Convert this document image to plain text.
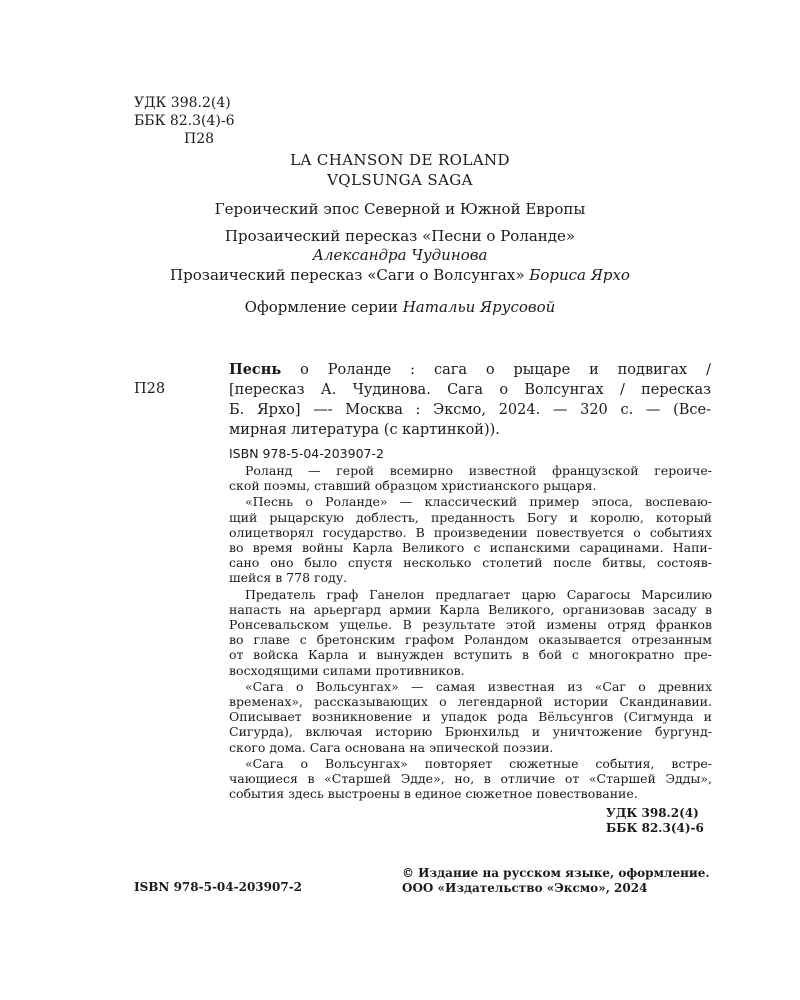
УДК 398.2(4)
ББК 82.3(4)-6
П28
LA CHANSON DE ROLAND
VQLSUNGA SAGA
Героический эпос Северной и Южной Европы
Прозаический пересказ «Песни о Роланде»
Александра Чудинова
Прозаический пересказ «Саги о Волсунгах» Бориса Ярхо
Оформление серии Натальи Ярусовой
П28
Песнь о Роланде : сага о рыцаре и подвигах /
[пересказ А. Чудинова. Сага о Волсунгах / пересказ
Б. Ярхо] —- Москва : Эксмо, 2024. — 320 с. — (Все-
мирная литература (с картинкой)).
ISBN 978-5-04-203907-2

Роланд — герой всемирно известной французской героиче-
ской поэмы, ставший образцом христианского рыцаря.

«Песнь о Роланде» — классический пример эпоса, воспеваю-
щий рыцарскую доблесть, преданность Богу и королю, который
олицетворял государство. В произведении повествуется о событиях
во время войны Карла Великого с испанскими сарацинами. Напи-
сано оно было спустя несколько столетий после битвы, состояв-
шейся в 778 году.

Предатель граф Ганелон предлагает царю Сарагосы Марсилию
напасть на арьергард армии Карла Великого, организовав засаду в
Ронсевальском ущелье. В результате этой измены отряд франков
во главе с бретонским графом Роландом оказывается отрезанным
от войска Карла и вынужден вступить в бой с многократно пре-
восходящими силами противников.

«Сага о Вольсунгах» — самая известная из «Саг о древних
временах», рассказывающих о легендарной истории Скандинавии.
Описывает возникновение и упадок рода Вёльсунгов (Сигмунда и
Сигурда), включая историю Брюнхильд и уничтожение бургунд-
ского дома. Сага основана на эпической поэзии.

«Сага о Вольсунгах» повторяет сюжетные события, встре-
чающиеся в «Старшей Эдде», но, в отличие от «Старшей Эдды»,
события здесь выстроены в единое сюжетное повествование.

УДК 398.2(4)
ББК 82.3(4)-6
© Издание на русском языке, оформление.
ООО «Издательство «Эксмо», 2024
ISBN 978-5-04-203907-2
